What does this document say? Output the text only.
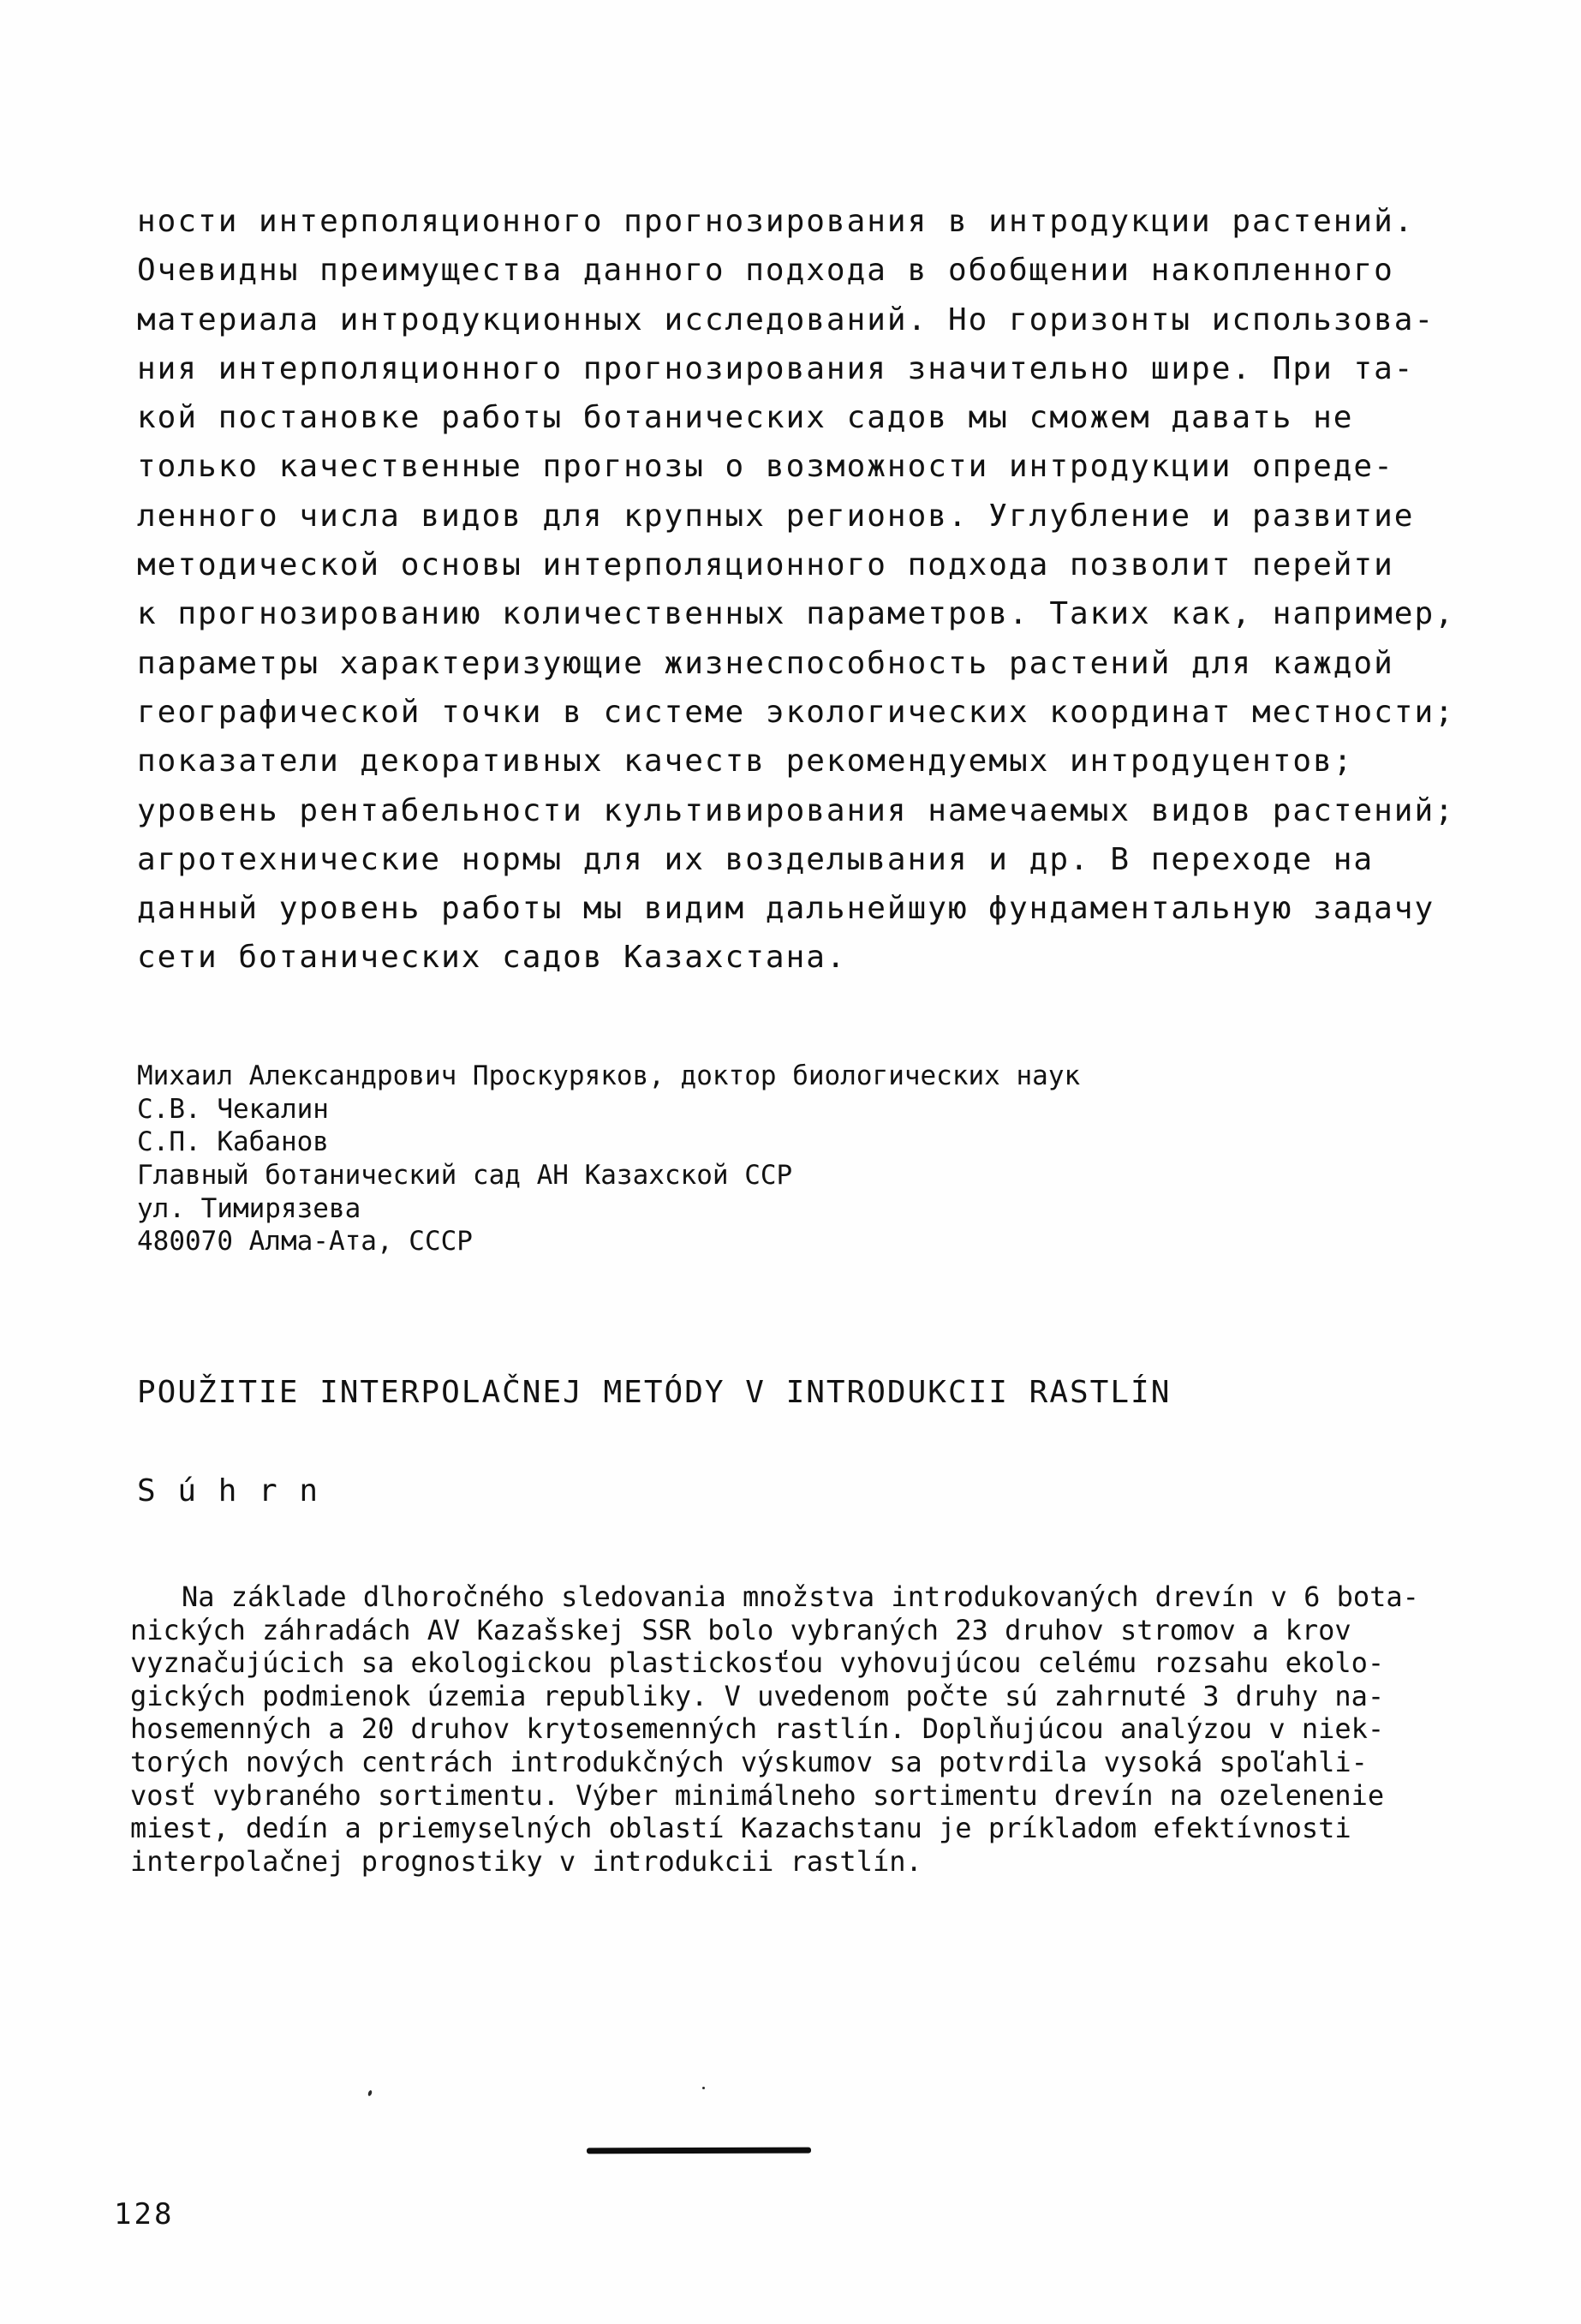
ности интерполяционного прогнозирования в интродукции растений.
Очевидны преимущества данного подхода в обобщении накопленного
материала интродукционных исследований. Но горизонты использова-
ния интерполяционного прогнозирования значительно шире. При та-
кой постановке работы ботанических садов мы сможем давать не
только качественные прогнозы о возможности интродукции опреде-
ленного числа видов для крупных регионов. Углубление и развитие
методической основы интерполяционного подхода позволит перейти
к прогнозированию количественных параметров. Таких как, например,
параметры характеризующие жизнеспособность растений для каждой
географической точки в системе экологических координат местности;
показатели декоративных качеств рекомендуемых интродуцентов;
уровень рентабельности культивирования намечаемых видов растений;
агротехнические нормы для их возделывания и др. В переходе на
данный уровень работы мы видим дальнейшую фундаментальную задачу
сети ботанических садов Казахстана.
Михаил Александрович Проскуряков, доктор биологических наук
С.В. Чекалин
С.П. Кабанов
Главный ботанический сад АН Казахской ССР
ул. Тимирязева
480070 Алма-Ата, СССР
POUŽITIE INTERPOLAČNEJ METÓDY V INTRODUKCII RASTLÍN
S ú h r n
Na základe dlhoročného sledovania množstva introdukovaných drevín v 6 bota-
nických záhradách AV Kazašskej SSR bolo vybraných 23 druhov stromov a krov
vyznačujúcich sa ekologickou plastickosťou vyhovujúcou celému rozsahu ekolo-
gických podmienok územia republiky. V uvedenom počte sú zahrnuté 3 druhy na-
hosemenných a 20 druhov krytosemenných rastlín. Doplňujúcou analýzou v niek-
torých nových centrách introdukčných výskumov sa potvrdila vysoká spoľahli-
vosť vybraného sortimentu. Výber minimálneho sortimentu drevín na ozelenenie
miest, dedín a priemyselných oblastí Kazachstanu je príkladom efektívnosti
interpolačnej prognostiky v introdukcii rastlín.
128
